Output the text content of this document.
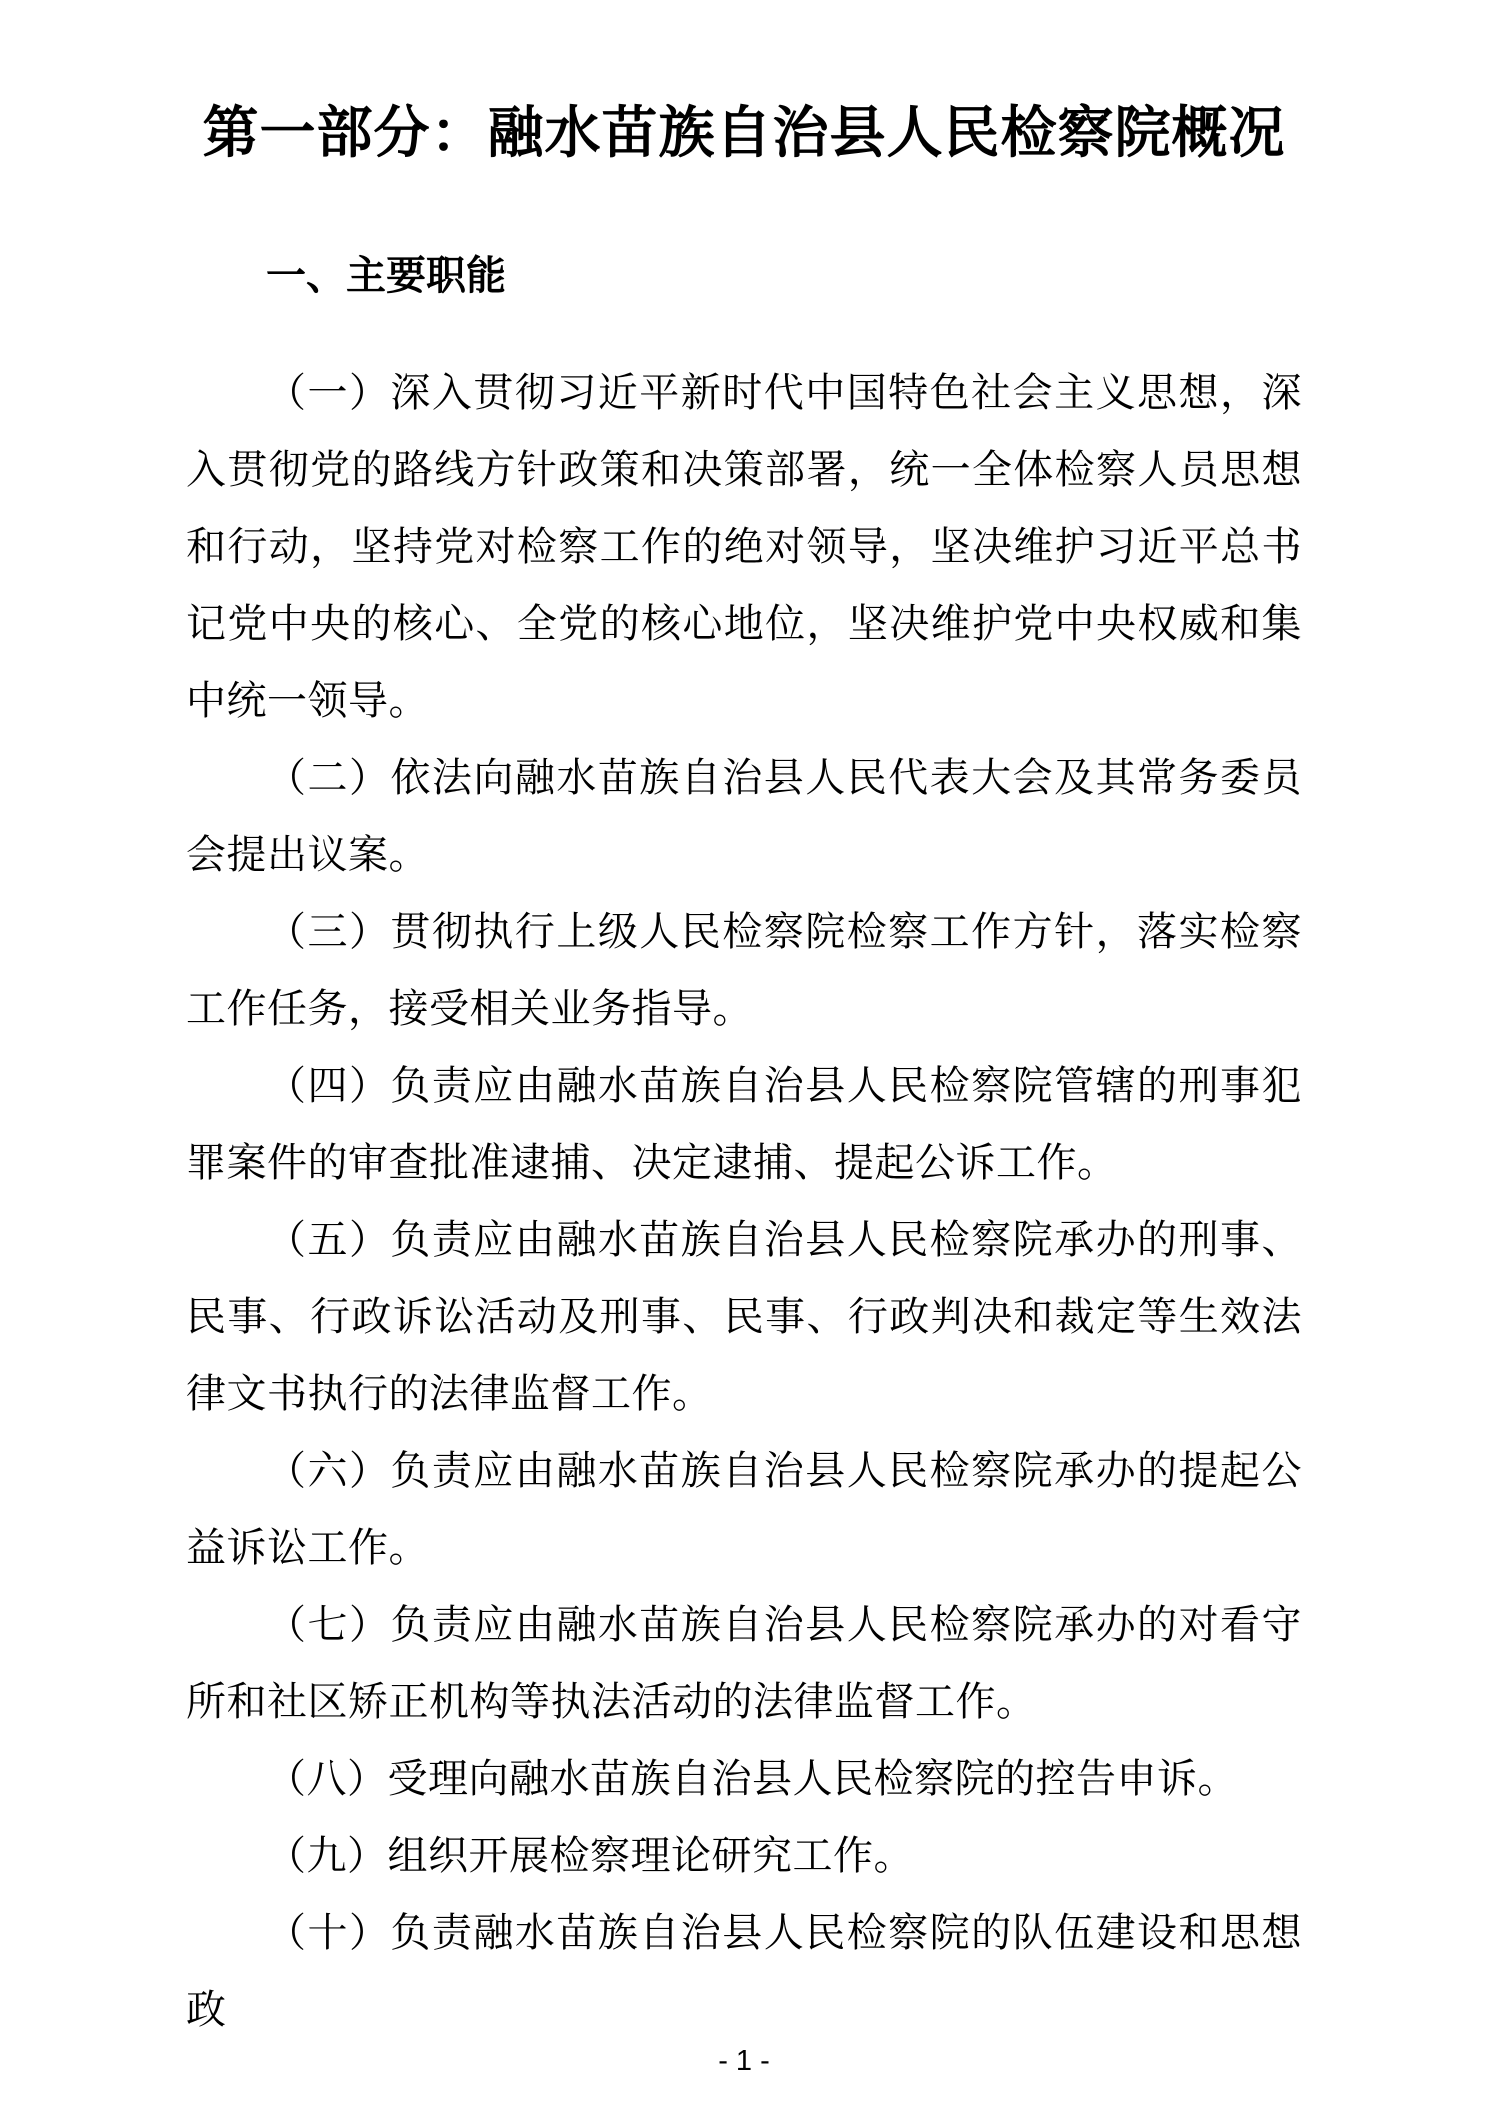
第一部分：融水苗族自治县人民检察院概况
一、主要职能

（一）深入贯彻习近平新时代中国特色社会主义思想，深入贯彻党的路线方针政策和决策部署，统一全体检察人员思想和行动，坚持党对检察工作的绝对领导，坚决维护习近平总书记党中央的核心、全党的核心地位，坚决维护党中央权威和集中统一领导。

（二）依法向融水苗族自治县人民代表大会及其常务委员会提出议案。

（三）贯彻执行上级人民检察院检察工作方针，落实检察工作任务，接受相关业务指导。

（四）负责应由融水苗族自治县人民检察院管辖的刑事犯罪案件的审查批准逮捕、决定逮捕、提起公诉工作。

（五）负责应由融水苗族自治县人民检察院承办的刑事、民事、行政诉讼活动及刑事、民事、行政判决和裁定等生效法律文书执行的法律监督工作。

（六）负责应由融水苗族自治县人民检察院承办的提起公益诉讼工作。

（七）负责应由融水苗族自治县人民检察院承办的对看守所和社区矫正机构等执法活动的法律监督工作。

（八）受理向融水苗族自治县人民检察院的控告申诉。

（九）组织开展检察理论研究工作。

（十）负责融水苗族自治县人民检察院的队伍建设和思想政

- 1 -
